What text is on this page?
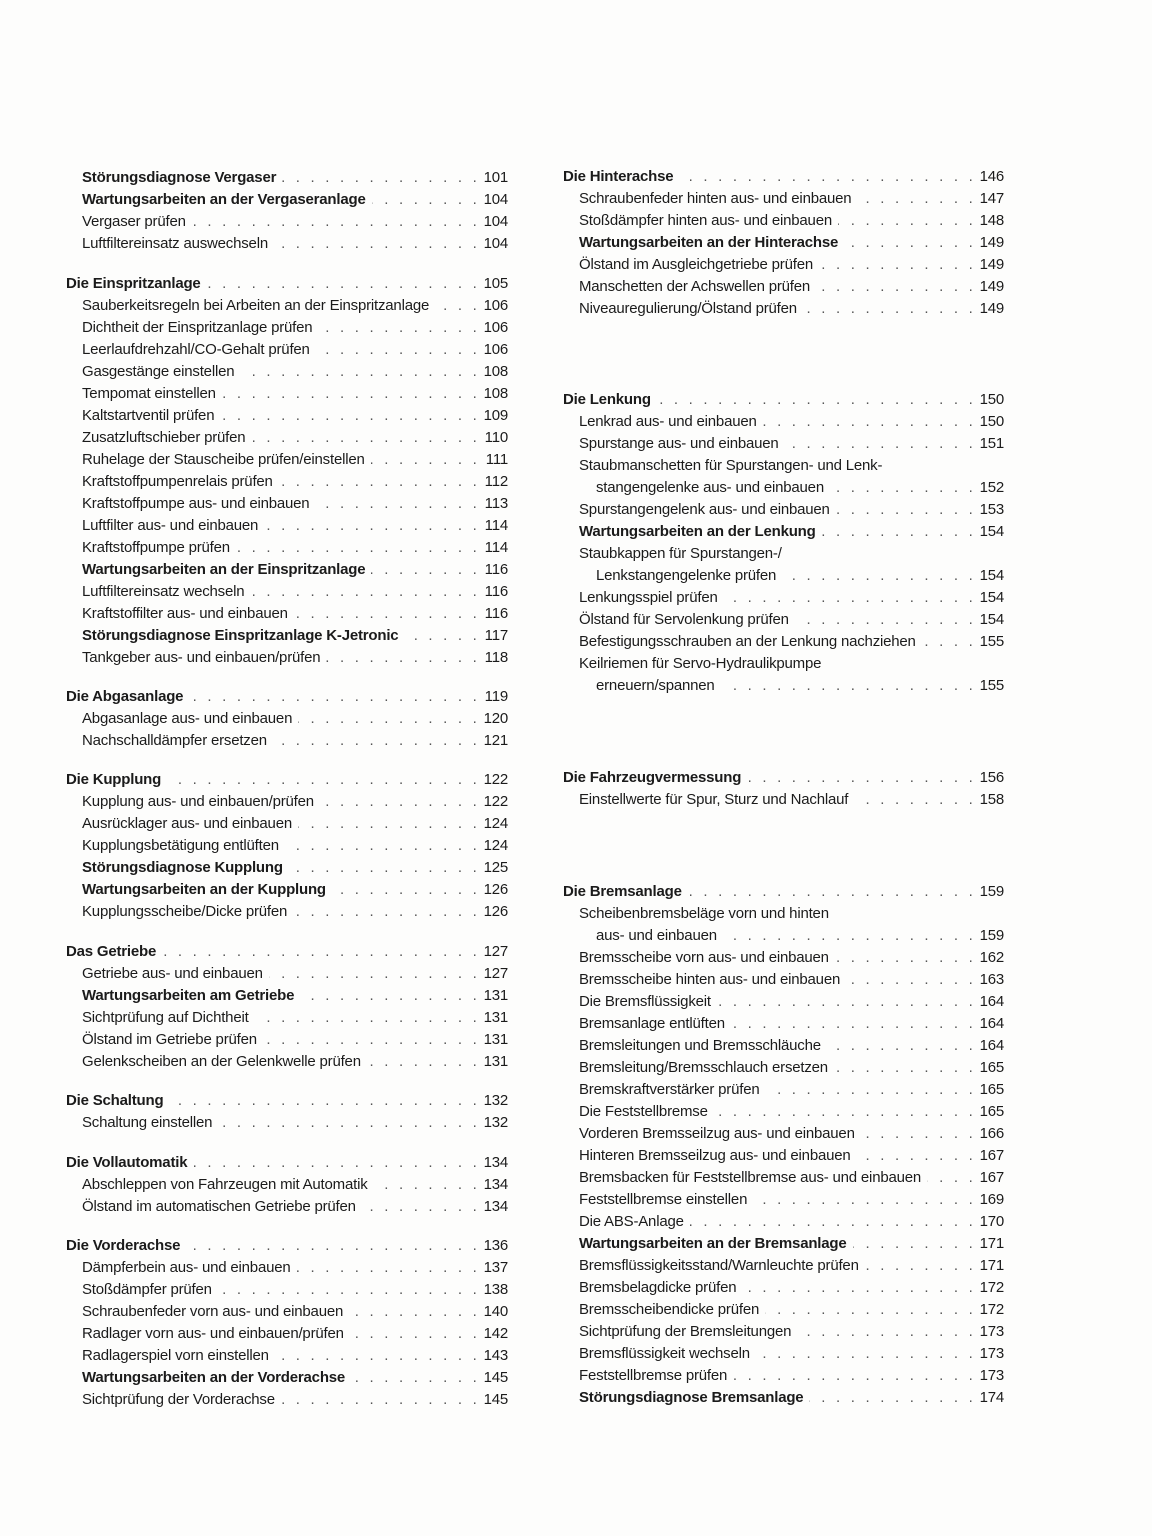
Störungsdiagnose Vergaser . . .	101
Wartungsarbeiten an der Vergaseranlage . . .	104
Vergaser prüfen . . .	104
Luftfiltereinsatz auswechseln . . .	104
Die Einspritzanlage . . .	105
Sauberkeitsregeln bei Arbeiten an der Einspritzanlage . . .	106
Dichtheit der Einspritzanlage prüfen . . .	106
Leerlaufdrehzahl/CO-Gehalt prüfen . . .	106
Gasgestänge einstellen . . .	108
Tempomat einstellen . . .	108
Kaltstartventil prüfen . . .	109
Zusatzluftschieber prüfen . . .	110
Ruhelage der Stauscheibe prüfen/einstellen . . .	111
Kraftstoffpumpenrelais prüfen . . .	112
Kraftstoffpumpe aus- und einbauen . . .	113
Luftfilter aus- und einbauen . . .	114
Kraftstoffpumpe prüfen . . .	114
Wartungsarbeiten an der Einspritzanlage . . .	116
Luftfiltereinsatz wechseln . . .	116
Kraftstoffilter aus- und einbauen . . .	116
Störungsdiagnose Einspritzanlage K-Jetronic . . .	117
Tankgeber aus- und einbauen/prüfen . . .	118
Die Abgasanlage . . .	119
Abgasanlage aus- und einbauen . . .	120
Nachschalldämpfer ersetzen . . .	121
Die Kupplung . . .	122
Kupplung aus- und einbauen/prüfen . . .	122
Ausrücklager aus- und einbauen . . .	124
Kupplungsbetätigung entlüften . . .	124
Störungsdiagnose Kupplung . . .	125
Wartungsarbeiten an der Kupplung . . .	126
Kupplungsscheibe/Dicke prüfen . . .	126
Das Getriebe . . .	127
Getriebe aus- und einbauen . . .	127
Wartungsarbeiten am Getriebe . . .	131
Sichtprüfung auf Dichtheit . . .	131
Ölstand im Getriebe prüfen . . .	131
Gelenkscheiben an der Gelenkwelle prüfen . . .	131
Die Schaltung . . .	132
Schaltung einstellen . . .	132
Die Vollautomatik . . .	134
Abschleppen von Fahrzeugen mit Automatik . . .	134
Ölstand im automatischen Getriebe prüfen . . .	134
Die Vorderachse . . .	136
Dämpferbein aus- und einbauen . . .	137
Stoßdämpfer prüfen . . .	138
Schraubenfeder vorn aus- und einbauen . . .	140
Radlager vorn aus- und einbauen/prüfen . . .	142
Radlagerspiel vorn einstellen . . .	143
Wartungsarbeiten an der Vorderachse . . .	145
Sichtprüfung der Vorderachse . . .	145
Die Hinterachse . . .	146
Schraubenfeder hinten aus- und einbauen . . .	147
Stoßdämpfer hinten aus- und einbauen . . .	148
Wartungsarbeiten an der Hinterachse . . .	149
Ölstand im Ausgleichgetriebe prüfen . . .	149
Manschetten der Achswellen prüfen . . .	149
Niveauregulierung/Ölstand prüfen . . .	149
Die Lenkung . . .	150
Lenkrad aus- und einbauen . . .	150
Spurstange aus- und einbauen . . .	151
Staubmanschetten für Spurstangen- und Lenk-
stangengelenke aus- und einbauen . . .	152
Spurstangengelenk aus- und einbauen . . .	153
Wartungsarbeiten an der Lenkung . . .	154
Staubkappen für Spurstangen-/
Lenkstangengelenke prüfen . . .	154
Lenkungsspiel prüfen . . .	154
Ölstand für Servolenkung prüfen . . .	154
Befestigungsschrauben an der Lenkung nachziehen . . .	155
Keilriemen für Servo-Hydraulikpumpe
erneuern/spannen . . .	155
Die Fahrzeugvermessung . . .	156
Einstellwerte für Spur, Sturz und Nachlauf . . .	158
Die Bremsanlage . . .	159
Scheibenbremsbeläge vorn und hinten
aus- und einbauen . . .	159
Bremsscheibe vorn aus- und einbauen . . .	162
Bremsscheibe hinten aus- und einbauen . . .	163
Die Bremsflüssigkeit . . .	164
Bremsanlage entlüften . . .	164
Bremsleitungen und Bremsschläuche . . .	164
Bremsleitung/Bremsschlauch ersetzen . . .	165
Bremskraftverstärker prüfen . . .	165
Die Feststellbremse . . .	165
Vorderen Bremsseilzug aus- und einbauen . . .	166
Hinteren Bremsseilzug aus- und einbauen . . .	167
Bremsbacken für Feststellbremse aus- und einbauen . . .	167
Feststellbremse einstellen . . .	169
Die ABS-Anlage . . .	170
Wartungsarbeiten an der Bremsanlage . . .	171
Bremsflüssigkeitsstand/Warnleuchte prüfen . . .	171
Bremsbelagdicke prüfen . . .	172
Bremsscheibendicke prüfen . . .	172
Sichtprüfung der Bremsleitungen . . .	173
Bremsflüssigkeit wechseln . . .	173
Feststellbremse prüfen . . .	173
Störungsdiagnose Bremsanlage . . .	174
